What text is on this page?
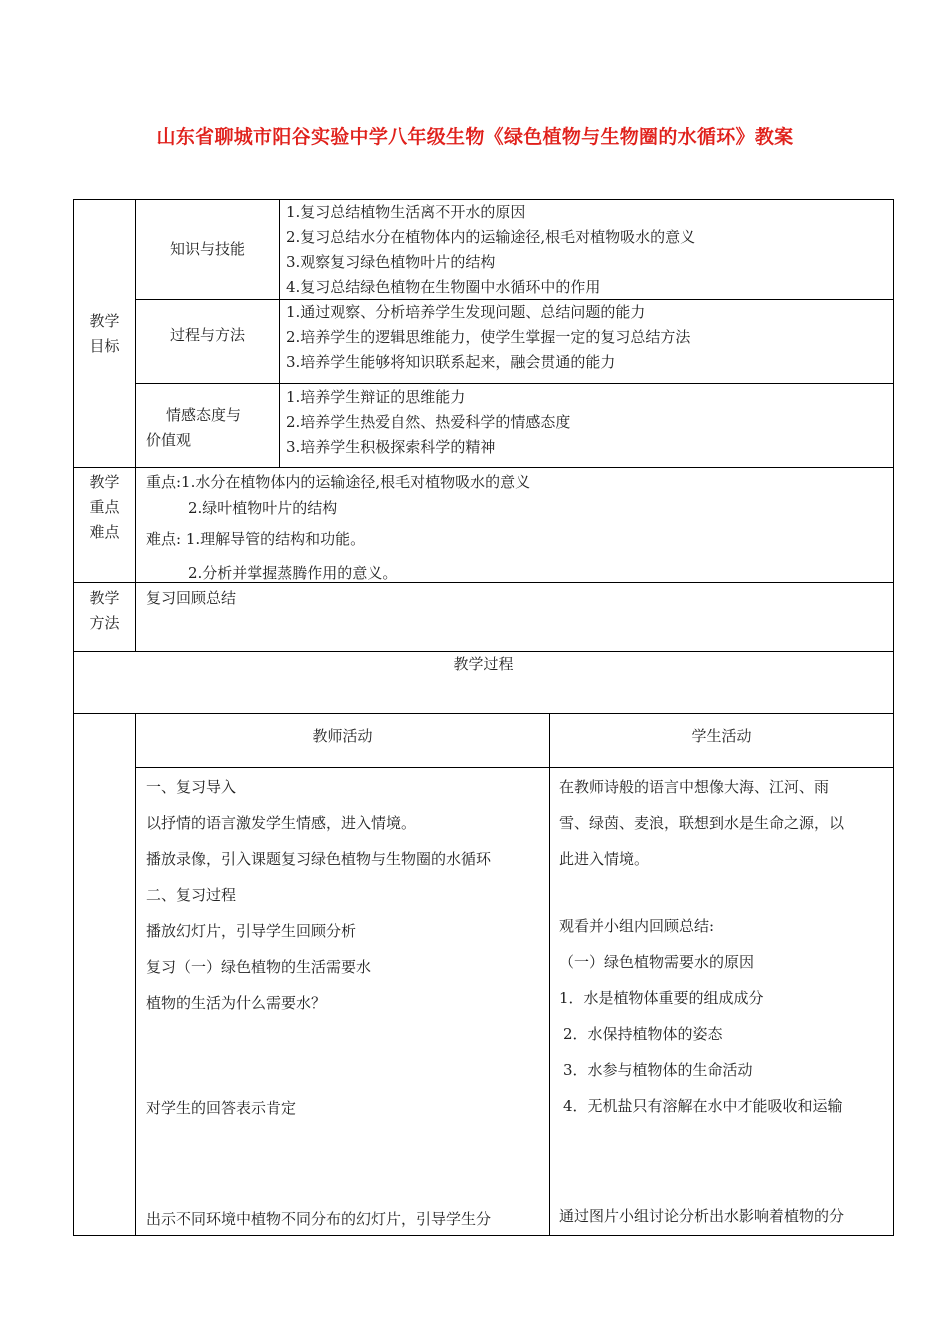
山东省聊城市阳谷实验中学八年级生物《绿色植物与生物圈的水循环》教案
教学
目标
知识与技能
1.复习总结植物生活离不开水的原因
2.复习总结水分在植物体内的运输途径,根毛对植物吸水的意义
3.观察复习绿色植物叶片的结构
4.复习总结绿色植物在生物圈中水循环中的作用
过程与方法
1.通过观察、分析培养学生发现问题、总结问题的能力
2.培养学生的逻辑思维能力，使学生掌握一定的复习总结方法
3.培养学生能够将知识联系起来，融会贯通的能力
情感态度与
价值观
1.培养学生辩证的思维能力
2.培养学生热爱自然、热爱科学的情感态度
3.培养学生积极探索科学的精神
教学
重点
难点
重点:1.水分在植物体内的运输途径,根毛对植物吸水的意义
2.绿叶植物叶片的结构
难点: 1.理解导管的结构和功能。
2.分析并掌握蒸腾作用的意义。
教学
方法
复习回顾总结
教学过程
教师活动	学生活动
一、复习导入
以抒情的语言激发学生情感，进入情境。
播放录像，引入课题复习绿色植物与生物圈的水循环
二、复习过程
播放幻灯片，引导学生回顾分析
复习（一）绿色植物的生活需要水
植物的生活为什么需要水？
对学生的回答表示肯定
出示不同环境中植物不同分布的幻灯片，引导学生分
在教师诗般的语言中想像大海、江河、雨
雪、绿茵、麦浪，联想到水是生命之源，以
此进入情境。
观看并小组内回顾总结:
（一）绿色植物需要水的原因
1．水是植物体重要的组成成分
2．水保持植物体的姿态
3．水参与植物体的生命活动
4．无机盐只有溶解在水中才能吸收和运输
通过图片小组讨论分析出水影响着植物的分
